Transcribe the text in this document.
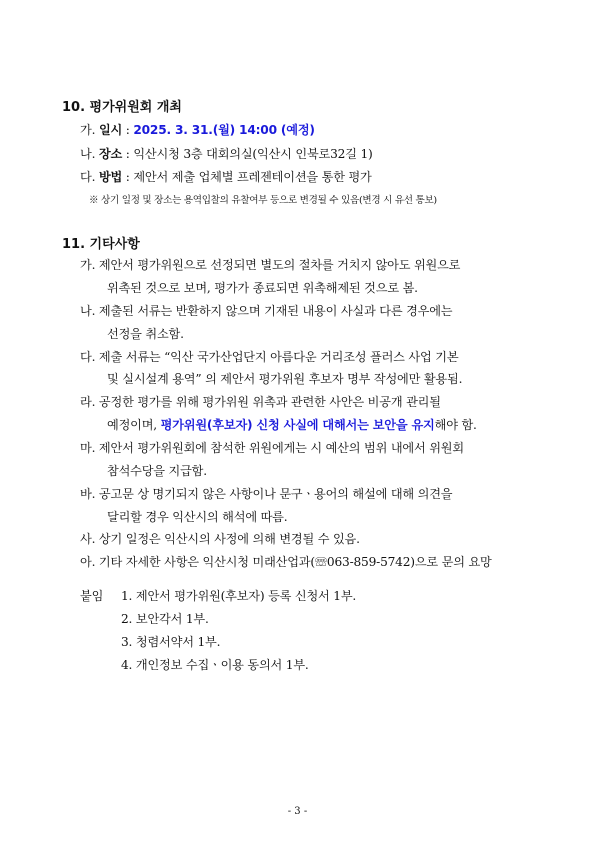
10. 평가위원회 개최
가. 일시 : 2025. 3. 31.(월) 14:00 (예정)
나. 장소 : 익산시청 3층 대회의실(익산시 인북로32길 1)
다. 방법 : 제안서 제출 업체별 프레젠테이션을 통한 평가
※ 상기 일정 및 장소는 용역입찰의 유찰여부 등으로 변경될 수 있음(변경 시 유선 통보)
11. 기타사항
가. 제안서 평가위원으로 선정되면 별도의 절차를 거치지 않아도 위원으로
위촉된 것으로 보며, 평가가 종료되면 위촉해제된 것으로 봄.
나. 제출된 서류는 반환하지 않으며 기재된 내용이 사실과 다른 경우에는
선정을 취소함.
다. 제출 서류는 “익산 국가산업단지 아름다운 거리조성 플러스 사업 기본
및 실시설계 용역” 의 제안서 평가위원 후보자 명부 작성에만 활용됨.
라. 공정한 평가를 위해 평가위원 위촉과 관련한 사안은 비공개 관리될
예정이며, 평가위원(후보자) 신청 사실에 대해서는 보안을 유지해야 함.
마. 제안서 평가위원회에 참석한 위원에게는 시 예산의 범위 내에서 위원회
참석수당을 지급함.
바. 공고문 상 명기되지 않은 사항이나 문구ㆍ용어의 해설에 대해 의견을
달리할 경우 익산시의 해석에 따름.
사. 상기 일정은 익산시의 사정에 의해 변경될 수 있음.
아. 기타 자세한 사항은 익산시청 미래산업과(☏063-859-5742)으로 문의 요망
붙임 1. 제안서 평가위원(후보자) 등록 신청서 1부.
2. 보안각서 1부.
3. 청렴서약서 1부.
4. 개인정보 수집ㆍ이용 동의서 1부.
- 3 -
